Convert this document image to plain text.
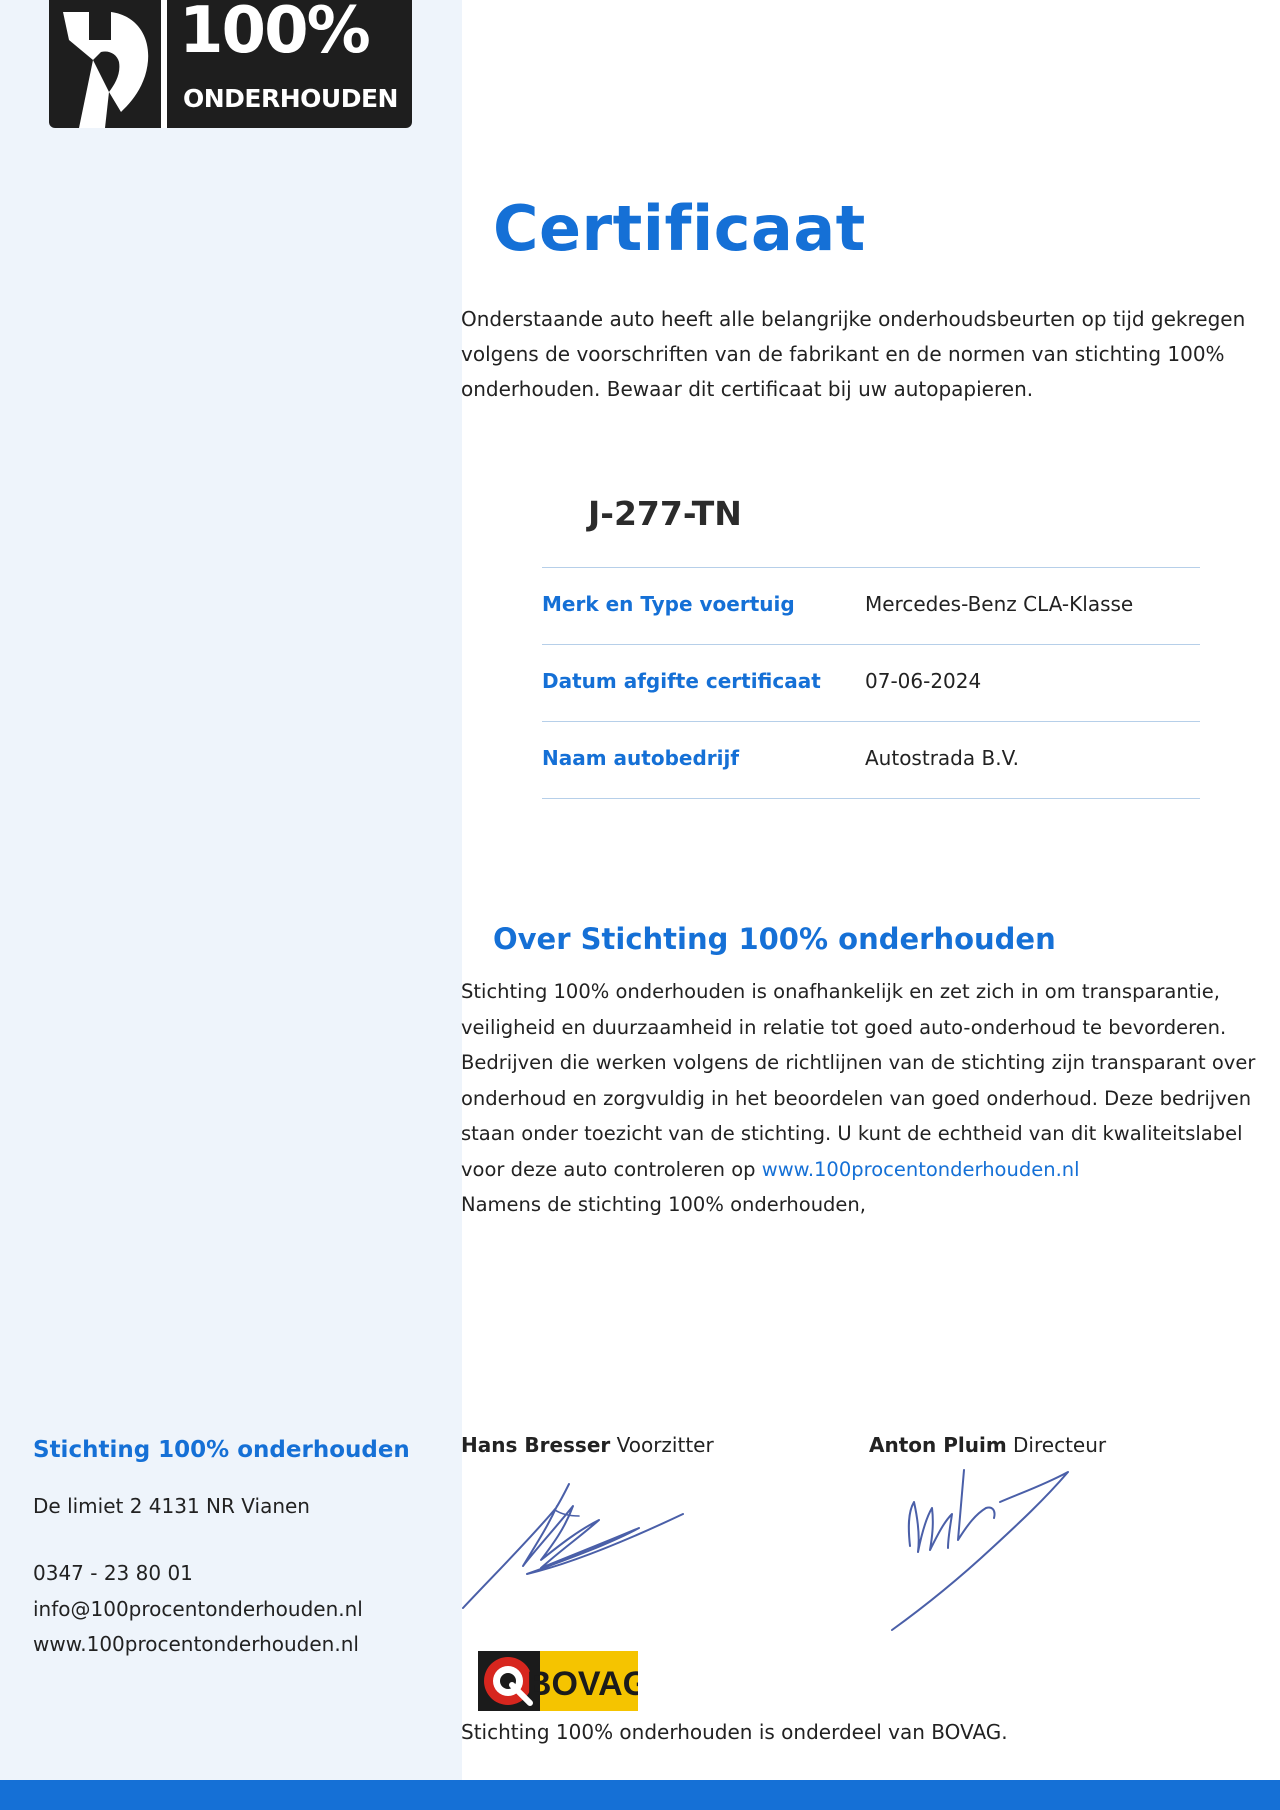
100%
ONDERHOUDEN
Certificaat

Onderstaande auto heeft alle belangrijke onderhoudsbeurten op tijd gekregen volgens de voorschriften van de fabrikant en de normen van stichting 100% onderhouden. Bewaar dit certificaat bij uw autopapieren.

J-277-TN
Merk en Type voertuig	Mercedes-Benz CLA-Klasse
Datum afgifte certificaat 07-06-2024
Naam autobedrijf	Autostrada B.V.
Over Stichting 100% onderhouden

Stichting 100% onderhouden is onafhankelijk en zet zich in om transparantie, veiligheid en duurzaamheid in relatie tot goed auto-onderhoud te bevorderen. Bedrijven die werken volgens de richtlijnen van de stichting zijn transparant over onderhoud en zorgvuldig in het beoordelen van goed onderhoud. Deze bedrijven staan onder toezicht van de stichting. U kunt de echtheid van dit kwaliteitslabel voor deze auto controleren op www.100procentonderhouden.nl
Namens de stichting 100% onderhouden,

Stichting 100% onderhouden
De limiet 2 4131 NR Vianen
0347 - 23 80 01
info@100procentonderhouden.nl
www.100procentonderhouden.nl
Hans Bresser Voorzitter	Anton Pluim Directeur
BOVAG
Stichting 100% onderhouden is onderdeel van BOVAG.
